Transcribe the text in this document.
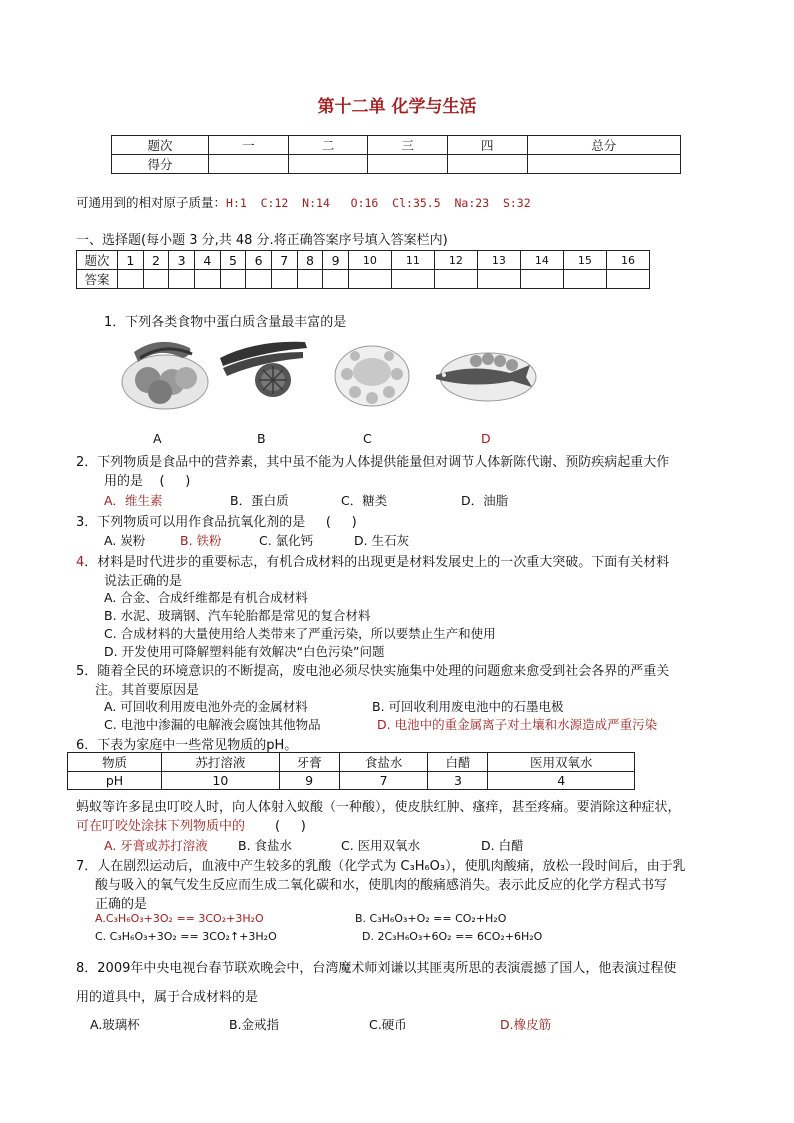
第十二单 化学与生活
题次	一	二	三	四	总分
得分					
可通用到的相对原子质量：H:1  C:12  N:14   O:16  Cl:35.5  Na:23  S:32
一、选择题(每小题 3 分,共 48 分.将正确答案序号填入答案栏内)
题次	1	2	3	4	5	6	7	8	9	10	11	12	13	14	15	16
答案																
1．下列各类食物中蛋白质含量最丰富的是
A	B	C	D
2．下列物质是食品中的营养素，其中虽不能为人体提供能量但对调节人体新陈代谢、预防疾病起重大作
用的是    (     )
A．维生素	B．蛋白质	C．糖类	D．油脂
3．下列物质可以用作食品抗氧化剂的是     (     )
A. 炭粉	B. 铁粉	C. 氯化钙	D. 生石灰
4．材料是时代进步的重要标志，有机合成材料的出现更是材料发展史上的一次重大突破。下面有关材料
说法正确的是
A. 合金、合成纤维都是有机合成材料
B. 水泥、玻璃钢、汽车轮胎都是常见的复合材料
C. 合成材料的大量使用给人类带来了严重污染，所以要禁止生产和使用
D. 开发使用可降解塑料能有效解决“白色污染”问题
5．随着全民的环境意识的不断提高，废电池必须尽快实施集中处理的问题愈来愈受到社会各界的严重关
注。其首要原因是
A. 可回收利用废电池外壳的金属材料	B. 可回收利用废电池中的石墨电极
C. 电池中渗漏的电解液会腐蚀其他物品	D. 电池中的重金属离子对土壤和水源造成严重污染
6．下表为家庭中一些常见物质的pH。
物质	苏打溶液	牙膏	食盐水	白醋	医用双氧水
pH	10	9	7	3	4
蚂蚁等许多昆虫叮咬人时，向人体射入蚁酸（一种酸），使皮肤红肿、瘙痒，甚至疼痛。要消除这种症状，
可在叮咬处涂抹下列物质中的 (     )
A. 牙膏或苏打溶液 B. 食盐水	C. 医用双氧水	D. 白醋
7．人在剧烈运动后，血液中产生较多的乳酸（化学式为 C₃H₆O₃），使肌肉酸痛，放松一段时间后，由于乳
酸与吸入的氧气发生反应而生成二氧化碳和水，使肌肉的酸痛感消失。表示此反应的化学方程式书写
正确的是
A.C₃H₆O₃+3O₂ == 3CO₂+3H₂O	B. C₃H₆O₃+O₂ == CO₂+H₂O
C. C₃H₆O₃+3O₂ == 3CO₂↑+3H₂O	D. 2C₃H₆O₃+6O₂ == 6CO₂+6H₂O
8．2009年中央电视台春节联欢晚会中，台湾魔术师刘谦以其匪夷所思的表演震撼了国人，他表演过程使
用的道具中，属于合成材料的是
A.玻璃杯	B.金戒指	C.硬币	D.橡皮筋
